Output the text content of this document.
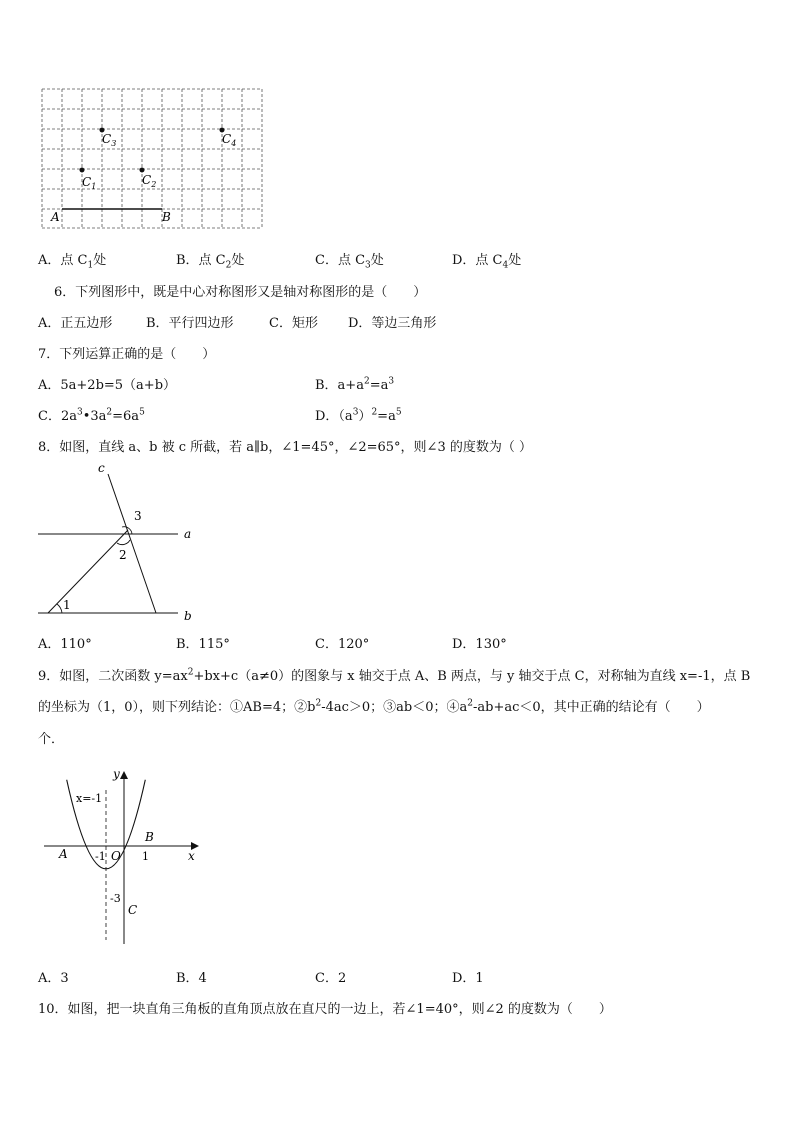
$C_1$	$C_2$
$C_3$	$C_4$
A	B
A．点 $C_1$处	B．点 $C_2$处	C．点 $C_3$处	D．点 $C_4$处
6．下列图形中，既是中心对称图形又是轴对称图形的是（　　）
A．正五边形	B．平行四边形	C．矩形 D．等边三角形
7．下列运算正确的是（　　）
A．5a+2b=5（a+b）	B．$a+a^2=a^3$
C．$2a^3•3a^2=6a^5$	D．$(a^3)^2=a^5$
8．如图，直线 a、b 被 c 所截，若 a∥b，∠1=45°，∠2=65°，则∠3 的度数为（ ）
c
a
b
1
2
3
A．110°	B．115°	C．120°	D．130°
9．如图，二次函数 $y=ax^2+bx+c(a\ne 0)$的图象与 x 轴交于点 A、B 两点，与 y 轴交于点 C，对称轴为直线 x=-1，点 B
的坐标为（1，0），则下列结论：①AB=4；$②b^2-4ac>0$；③ab＜0；$④a^2-ab+ac<0$，其中正确的结论有（　　）
个．
y
x
x=-1
A -1 O 1
B
-3
C
A．3	B．4	C．2	D．1
10．如图，把一块直角三角板的直角顶点放在直尺的一边上，若∠1=40°，则∠2 的度数为（　　）
